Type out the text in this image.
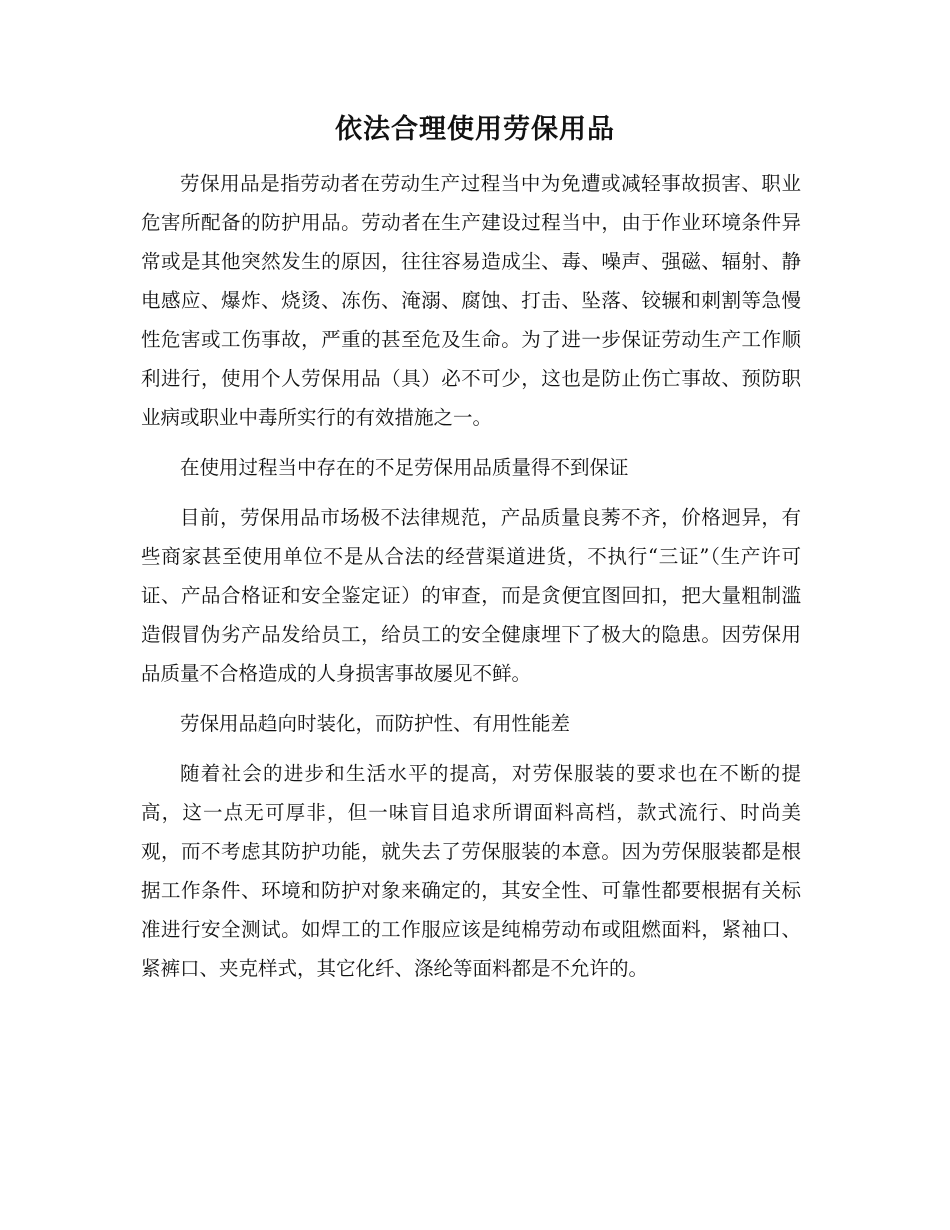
依法合理使用劳保用品

劳保用品是指劳动者在劳动生产过程当中为免遭或减轻事故损害、职业危害所配备的防护用品。劳动者在生产建设过程当中，由于作业环境条件异常或是其他突然发生的原因，往往容易造成尘、毒、噪声、强磁、辐射、静电感应、爆炸、烧烫、冻伤、淹溺、腐蚀、打击、坠落、铰辗和刺割等急慢性危害或工伤事故，严重的甚至危及生命。为了进一步保证劳动生产工作顺利进行，使用个人劳保用品（具）必不可少，这也是防止伤亡事故、预防职业病或职业中毒所实行的有效措施之一。

在使用过程当中存在的不足劳保用品质量得不到保证

目前，劳保用品市场极不法律规范，产品质量良莠不齐，价格迥异，有些商家甚至使用单位不是从合法的经营渠道进货，不执行“三证”（生产许可证、产品合格证和安全鉴定证）的审查，而是贪便宜图回扣，把大量粗制滥造假冒伪劣产品发给员工，给员工的安全健康埋下了极大的隐患。因劳保用品质量不合格造成的人身损害事故屡见不鲜。

劳保用品趋向时装化，而防护性、有用性能差

随着社会的进步和生活水平的提高，对劳保服装的要求也在不断的提高，这一点无可厚非，但一味盲目追求所谓面料高档，款式流行、时尚美观，而不考虑其防护功能，就失去了劳保服装的本意。因为劳保服装都是根据工作条件、环境和防护对象来确定的，其安全性、可靠性都要根据有关标准进行安全测试。如焊工的工作服应该是纯棉劳动布或阻燃面料，紧袖口、紧裤口、夹克样式，其它化纤、涤纶等面料都是不允许的。
